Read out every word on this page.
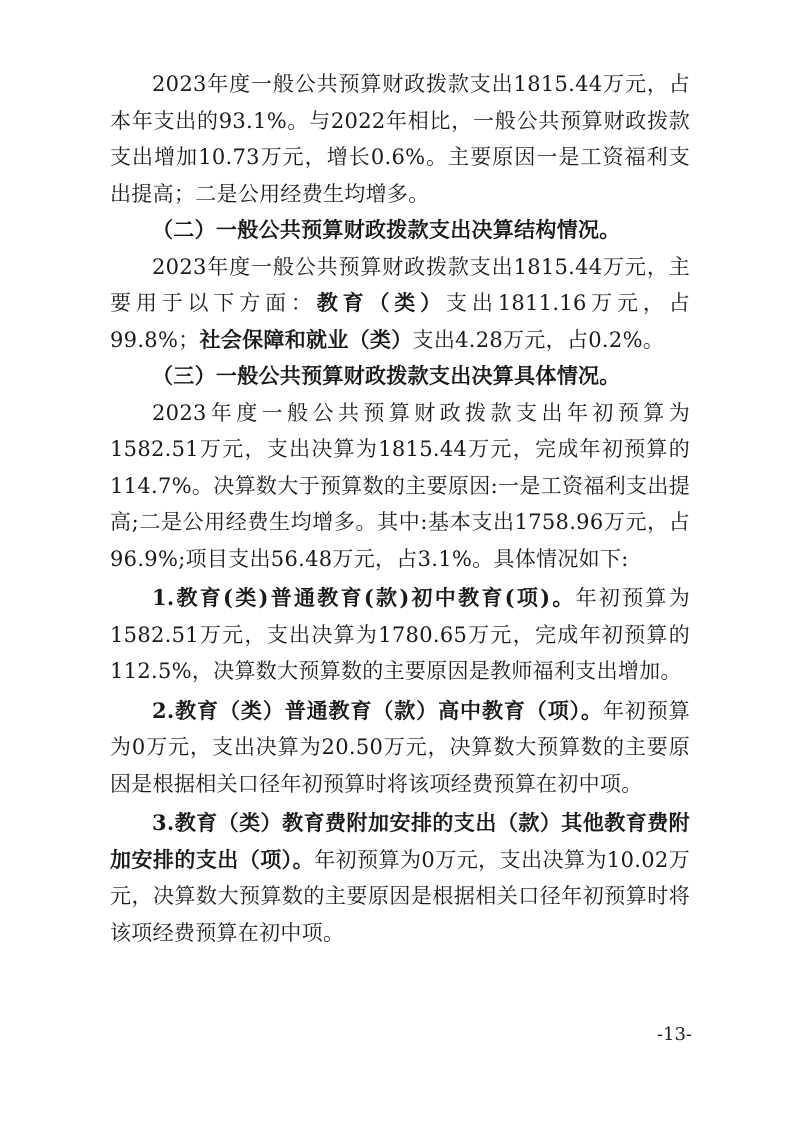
2023年度一般公共预算财政拨款支出1815.44万元，占本年支出的93.1%。与2022年相比，一般公共预算财政拨款支出增加10.73万元，增长0.6%。主要原因一是工资福利支出提高；二是公用经费生均增多。

（二）一般公共预算财政拨款支出决算结构情况。

2023年度一般公共预算财政拨款支出1815.44万元，主要用于以下方面：教育（类）支出1811.16万元，占99.8%；社会保障和就业（类）支出4.28万元，占0.2%。

（三）一般公共预算财政拨款支出决算具体情况。

2023年度一般公共预算财政拨款支出年初预算为1582.51万元，支出决算为1815.44万元，完成年初预算的114.7%。决算数大于预算数的主要原因:一是工资福利支出提高;二是公用经费生均增多。其中:基本支出1758.96万元，占96.9%;项目支出56.48万元，占3.1%。具体情况如下:

1.教育(类)普通教育(款)初中教育(项)。年初预算为1582.51万元，支出决算为1780.65万元，完成年初预算的112.5%，决算数大预算数的主要原因是教师福利支出增加。

2.教育（类）普通教育（款）高中教育（项）。年初预算为0万元，支出决算为20.50万元，决算数大预算数的主要原因是根据相关口径年初预算时将该项经费预算在初中项。

3.教育（类）教育费附加安排的支出（款）其他教育费附加安排的支出（项）。年初预算为0万元，支出决算为10.02万元，决算数大预算数的主要原因是根据相关口径年初预算时将该项经费预算在初中项。

-13-
